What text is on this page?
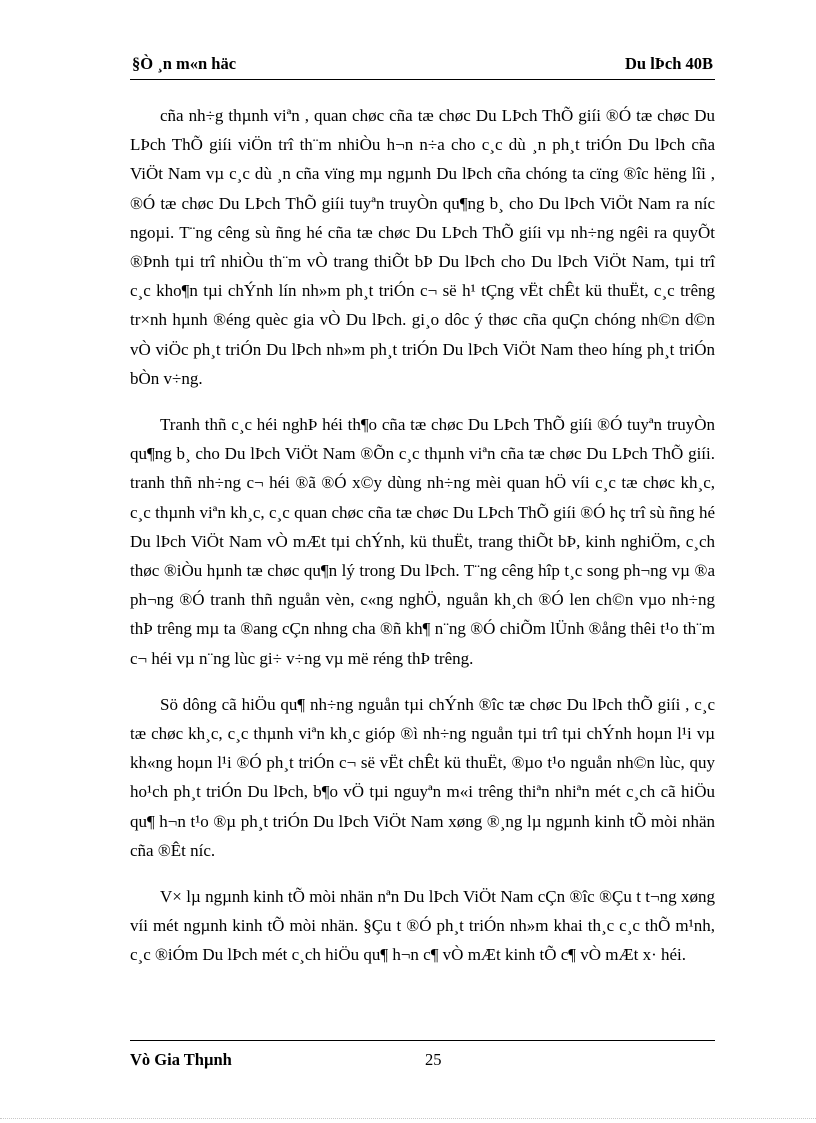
§Ò ¸n m«n häc	Du lÞch 40B

cña nh÷g thµnh viªn , quan chøc cña tæ chøc Du LÞch ThÕ giíi ®Ó tæ chøc Du LÞch ThÕ giíi viÖn trî th¨m nhiÒu h¬n n÷a cho c¸c dù ¸n ph¸t triÓn Du lÞch cña ViÖt Nam vµ c¸c dù ¸n cña vïng mµ ngµnh Du lÞch cña chóng ta cïng ®îc hëng lîi , ®Ó tæ chøc Du LÞch ThÕ giíi tuyªn truyÒn qu¶ng b¸ cho Du lÞch ViÖt Nam ra níc ngoµi. T¨ng cêng sù ñng hé cña tæ chøc Du LÞch ThÕ giíi vµ nh÷ng ngêi ra quyÕt ®Þnh tµi trî nhiÒu th¨m vÒ trang thiÕt bÞ Du lÞch cho Du lÞch ViÖt Nam, tµi trî c¸c kho¶n tµi chÝnh lín nh»m ph¸t triÓn c¬ së h¹ tÇng vËt chÊt kü thuËt, c¸c trêng tr×nh hµnh ®éng quèc gia vÒ Du lÞch. gi¸o dôc ý thøc cña quÇn chóng nh©n d©n vÒ viÖc ph¸t triÓn Du lÞch nh»m ph¸t triÓn Du lÞch ViÖt Nam theo híng ph¸t triÓn bÒn v÷ng.

Tranh thñ c¸c héi nghÞ héi th¶o cña tæ chøc Du LÞch ThÕ giíi ®Ó tuyªn truyÒn qu¶ng b¸ cho Du lÞch ViÖt Nam ®Õn c¸c thµnh viªn cña tæ chøc Du LÞch ThÕ giíi. tranh thñ nh÷ng c¬ héi ®ã ®Ó x©y dùng nh÷ng mèi quan hÖ víi c¸c tæ chøc kh¸c, c¸c thµnh viªn kh¸c, c¸c quan chøc cña tæ chøc Du LÞch ThÕ giíi ®Ó hç trî sù ñng hé Du lÞch ViÖt Nam vÒ mÆt tµi chÝnh, kü thuËt, trang thiÕt bÞ, kinh nghiÖm, c¸ch thøc ®iÒu hµnh tæ chøc qu¶n lý trong Du lÞch. T¨ng cêng hîp t¸c song ph¬ng vµ ®a ph¬ng ®Ó tranh thñ nguån vèn, c«ng nghÖ, nguån kh¸ch ®Ó len ch©n vµo nh÷ng thÞ trêng mµ ta ®ang cÇn nhng cha ®ñ kh¶ n¨ng ®Ó chiÕm lÜnh ®ång thêi t¹o th¨m c¬ héi vµ n¨ng lùc gi÷ v÷ng vµ më réng thÞ trêng.

Sö dông cã hiÖu qu¶ nh÷ng nguån tµi chÝnh ®îc tæ chøc Du lÞch thÕ giíi , c¸c tæ chøc kh¸c, c¸c thµnh viªn kh¸c gióp ®ì nh÷ng nguån tµi trî tµi chÝnh hoµn l¹i vµ kh«ng hoµn l¹i ®Ó ph¸t triÓn c¬ së vËt chÊt kü thuËt, ®µo t¹o nguån nh©n lùc, quy ho¹ch ph¸t triÓn Du lÞch, b¶o vÖ tµi nguyªn m«i trêng thiªn nhiªn mét c¸ch cã hiÖu qu¶ h¬n t¹o ®µ ph¸t triÓn Du lÞch ViÖt Nam xøng ®¸ng lµ ngµnh kinh tÕ mòi nhän cña ®Êt níc.

V× lµ ngµnh kinh tÕ mòi nhän nªn Du lÞch ViÖt Nam cÇn ®îc ®Çu t t¬ng xøng víi mét ngµnh kinh tÕ mòi nhän. §Çu t ®Ó ph¸t triÓn nh»m khai th¸c c¸c thÕ m¹nh, c¸c ®iÓm Du lÞch mét c¸ch hiÖu qu¶ h¬n c¶ vÒ mÆt kinh tÕ c¶ vÒ mÆt x· héi.

Vò Gia Thµnh	25
